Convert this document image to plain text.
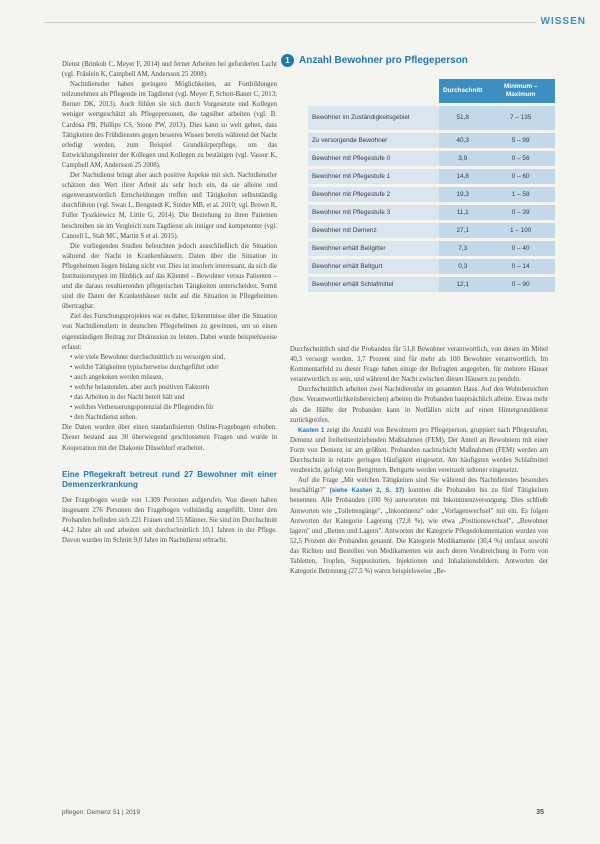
WISSEN

Dienst (Brinkoh C, Meyer F, 2014) und ferner Arbeiten bei geforderten Lacht (vgl. Fräulein K, Campbell AM, Andersson 25 2008).

Nachtdienstler haben geringere Möglichkeiten, an Fortbildungen teilzunehmen als Pflegende im Tagdienst (vgl. Meyer F, Schott-Bauer C, 2013; Berner DK, 2013). Auch fühlen sie sich durch Vorgesetzte und Kollegen weniger wertgeschätzt als Pflegepersonen, die tagsüber arbeiten (vgl. B. Cardosa PB, Phillips CS, Stone PW, 2013). Dies kann so weit gehen, dass Tätigkeiten des Frühdienstes gegen besseres Wissen bereits während der Nacht erledigt werden, zum Beispiel Grundkörperpflege, um das Entwicklungsfenster der Kollegen und Kollegen zu bestätigen (vgl. Vassor K, Campbell AM, Andersson 25 2008).

Der Nachtdienst bringt aber auch positive Aspekte mit sich. Nachtdienstler schätzen den Wert ihrer Arbeit als sehr hoch ein, da sie alleine und eigenverantwortlich Entscheidungen treffen und Tätigkeiten selbstständig durchführen (vgl. Swan L, Bengstedt K, Sinder MB, et al. 2010; vgl. Brown R, Fuller Tyszkiewicz M, Little G, 2014). Die Beziehung zu ihren Patienten beschreiben sie im Vergleich zum Tagdienst als inniger und kompetenter (vgl. Cannell L, Stah MC, Martin S et al. 2015).

Die vorliegenden Studien beleuchten jedoch ausschließlich die Situation während der Nacht in Krankenhäusern. Daten über die Situation in Pflegeheimen liegen bislang nicht vor. Dies ist insofern interessant, da sich die Institutionstypen im Hinblick auf das Klientel – Bewohner versus Patienten – und die daraus resultierenden pflegerischen Tätigkeiten unterscheiden. Somit sind die Daten der Krankenhäuser nicht auf die Situation in Pflegeheimen übertragbar.

Ziel des Forschungsprojektes war es daher, Erkenntnisse über die Situation von Nachtdienstlern in deutschen Pflegeheimen zu gewinnen, um so einen eigenständigen Beitrag zur Diskussion zu leisten. Dabei wurde beispielsweise erfasst:

• wie viele Bewohner durchschnittlich zu versorgen sind,
• welche Tätigkeiten typischerweise durchgeführt oder
• auch angekeken werden müssen,
• welche belastenden, aber auch positiven Faktoren
• das Arbeiten in der Nacht bereit hält und
• welches Verbesserungspotenzial die Pflegenden für
• den Nachtdienst sehen.

Die Daten wurden über einen standardisierten Online-Fragebogen erhoben. Dieser bestand aus 30 überwiegend geschlossenen Fragen und wurde in Kooperation mit der Diakonie Düsseldorf erarbeitet.

Eine Pflegekraft betreut rund 27 Bewohner mit einer Demenzerkrankung

Der Fragebogen wurde von 1.309 Personen aufgerufen. Von diesen haben insgesamt 276 Personen den Fragebogen vollständig ausgefüllt. Unter den Probanden befinden sich 221 Frauen und 55 Männer. Sie sind im Durchschnitt 44,2 Jahre alt und arbeiten seit durchschnittlich 10,1 Jahren in der Pflege. Davon wurden im Schnitt 9,0 Jahre im Nachtdienst erbracht.

1 Anzahl Bewohner pro Pflegeperson
	Durchschnitt	Minimum – Maximum
Bewohner im Zuständigkeitsgebiet	51,8	7 – 135
Zu versorgende Bewohner	40,3	5 – 99
Bewohner mit Pflegestufe 0	3,9	0 – 56
Bewohner mit Pflegestufe 1	14,8	0 – 60
Bewohner mit Pflegestufe 2	19,3	1 – 58
Bewohner mit Pflegestufe 3	11,1	0 – 39
Bewohner mit Demenz	27,1	1 – 100
Bewohner erhält Beitgitter	7,3	0 – 40
Bewohner erhält Beltgurt	0,3	0 – 14
Bewohner erhält Schlafmittel	12,1	0 – 90

Durchschnittlich sind die Probanden für 51,8 Bewohner verantwortlich, von denen im Mittel 40,3 versorgt werden. 3,7 Prozent sind für mehr als 100 Bewohner verantwortlich. Im Kommentarfeld zu dieser Frage haben einige der Befragten angegeben, für mehrere Häuser verantwortlich zu sein, und während der Nacht zwischen diesen Häusern zu pendeln.

Durchschnittlich arbeiten zwei Nachtdienstler im gesamten Haus. Auf den Wohnbereichen (bzw. Verantwortlichkeitsbereichen) arbeiten die Probanden hauptsächlich alleine. Etwas mehr als die Hälfte der Probanden kann in Notfällen nicht auf einen Hintergrunddienst zurückgreifen.

Kasten 1 zeigt die Anzahl von Bewohnern pro Pflegeperson, gruppiert nach Pflegestufen, Demenz und freiheitsentziehenden Maßnahmen (FEM). Der Anteil an Bewohnern mit einer Form von Demenz ist am größten. Probanden nachtschicht Maßnahmen (FEM) werden am Durchschnitt in relativ geringen Häufigkeit eingesetzt. Am häufigsten werden Schlafmittel verabreicht, gefolgt von Bettgittern. Bettgurte werden vereinzelt seltener eingesetzt.

Auf die Frage „Mit welchen Tätigkeiten sind Sie während des Nachtdienstes besonders beschäftigt?" (siehe Kasten 2, S. 37) konnten die Probanden bis zu fünf Tätigkeiten benennen. Alle Probanden (100 %) antworteten mit Inkontinenzversorgung. Dies schließt Antworten wie „Toilettengänge", „Inkontinenz" oder „Vorlagenwechsel" mit ein. Es folgen Antworten der Kategorie Lagerung (72,8 %), wie etwa „Positionswechsel", „Bewohner lagern" und „Betten und Lagern". Antworten der Kategorie Pflegedokumentation wurden von 52,5 Prozent der Probanden genannt. Die Kategorie Medikamente (30,4 %) umfasst sowohl das Richten und Bestellen von Medikamenten wie auch deren Verabreichung in Form von Tabletten, Tropfen, Suppositorien, Injektionen und Inhalationsbildern. Antworten der Kategorie Betreuung (27,5 %) waren beispielsweise „Be-

pflegen: Demenz 51 | 2019	35
